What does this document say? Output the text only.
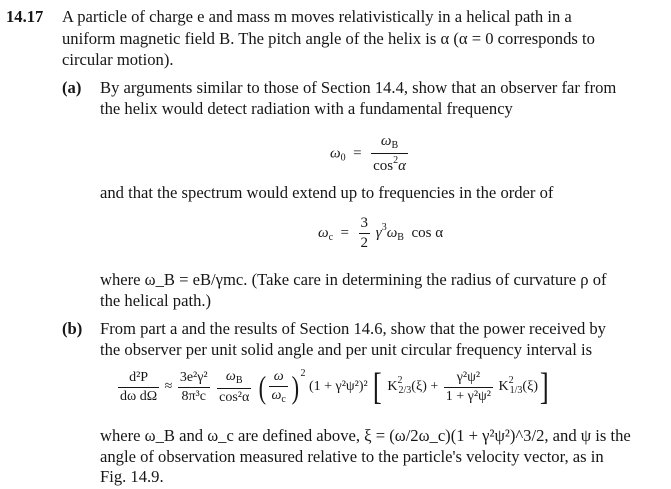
14.17 A particle of charge e and mass m moves relativistically in a helical path in a
uniform magnetic field B. The pitch angle of the helix is α (α = 0 corresponds to
circular motion).
(a) By arguments similar to those of Section 14.4, show that an observer far from
the helix would detect radiation with a fundamental frequency
$\omega_0 = \frac{\omega_B}{\cos^2\alpha}$
and that the spectrum would extend up to frequencies in the order of
$\omega_c = \frac{3}{2} \gamma^3\omega_B$ cos α
where ω_B = eB/γmc. (Take care in determining the radius of curvature ρ of
the helical path.)
(b) From part a and the results of Section 14.6, show that the power received by
the observer per unit solid angle and per unit circular frequency interval is
$\frac{\text{d²P}}{\text{dω dΩ}} \approx \frac{\text{3e²γ²}}{\text{8π³c}}$
$\frac{\omega_B}{\text{cos²α}}$ ( $\frac{\omega}{\omega_c}$ ) $^2$ (1 + γ²ψ²)² [ $K^2_{2/3}(\xi) + \frac{\text{γ²ψ²}}{\text{1 + γ²ψ²}} K^2_{1/3}(\xi)$]
where ω_B and ω_c are defined above, ξ = (ω/2ω_c)(1 + γ²ψ²)^3/2, and ψ is the
angle of observation measured relative to the particle's velocity vector, as in
Fig. 14.9.
